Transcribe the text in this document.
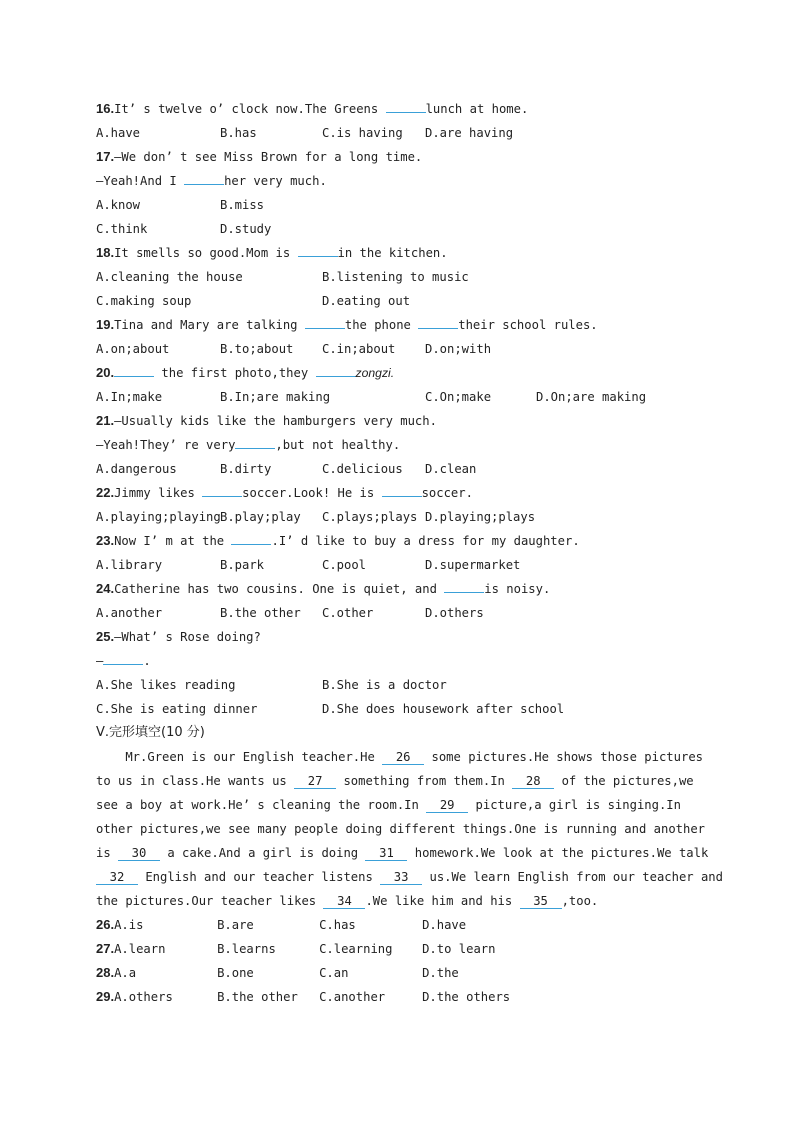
16.It’ s twelve o’ clock now.The Greens	lunch at home.
A.have	B.has	C.is having D.are having
17.—We don’ t see Miss Brown for a long time.
—Yeah!And I	her very much.
A.know	B.miss
C.think	D.study
18.It smells so good.Mom is	in the kitchen.
A.cleaning the house	B.listening to music
C.making soup	D.eating out
19.Tina and Mary are talking	the phone	their school rules.
A.on;about	B.to;about C.in;about D.on;with
20.	the first photo,they	zongzi.
A.In;make	B.In;are making	C.On;make	D.On;are making
21.—Usually kids like the hamburgers very much.
—Yeah!They’ re very	,but not healthy.
A.dangerous	B.dirty	C.delicious D.clean
22.Jimmy likes	soccer.Look! He is	soccer.
A.playing;playingB.play;play C.plays;plays D.playing;plays
23.Now I’ m at the	.I’ d like to buy a dress for my daughter.
A.library	B.park	C.pool	D.supermarket
24.Catherine has two cousins. One is quiet, and	is noisy.
A.another	B.the other C.other	D.others
25.—What’ s Rose doing?
—	.
A.She likes reading	B.She is a doctor
C.She is eating dinner	D.She does housework after school
Ⅴ.完形填空(10 分)
Mr.Green is our English teacher.He 26 some pictures.He shows those pictures
to us in class.He wants us 27 something from them.In 28 of the pictures,we
see a boy at work.He’ s cleaning the room.In 29 picture,a girl is singing.In
other pictures,we see many people doing different things.One is running and another
is 30 a cake.And a girl is doing 31 homework.We look at the pictures.We talk
32 English and our teacher listens 33 us.We learn English from our teacher and
the pictures.Our teacher likes 34 .We like him and his 35 ,too.
26.A.is	B.are	C.has	D.have
27.A.learn	B.learns	C.learning D.to learn
28.A.a	B.one	C.an	D.the
29.A.others	B.the other C.another	D.the others
